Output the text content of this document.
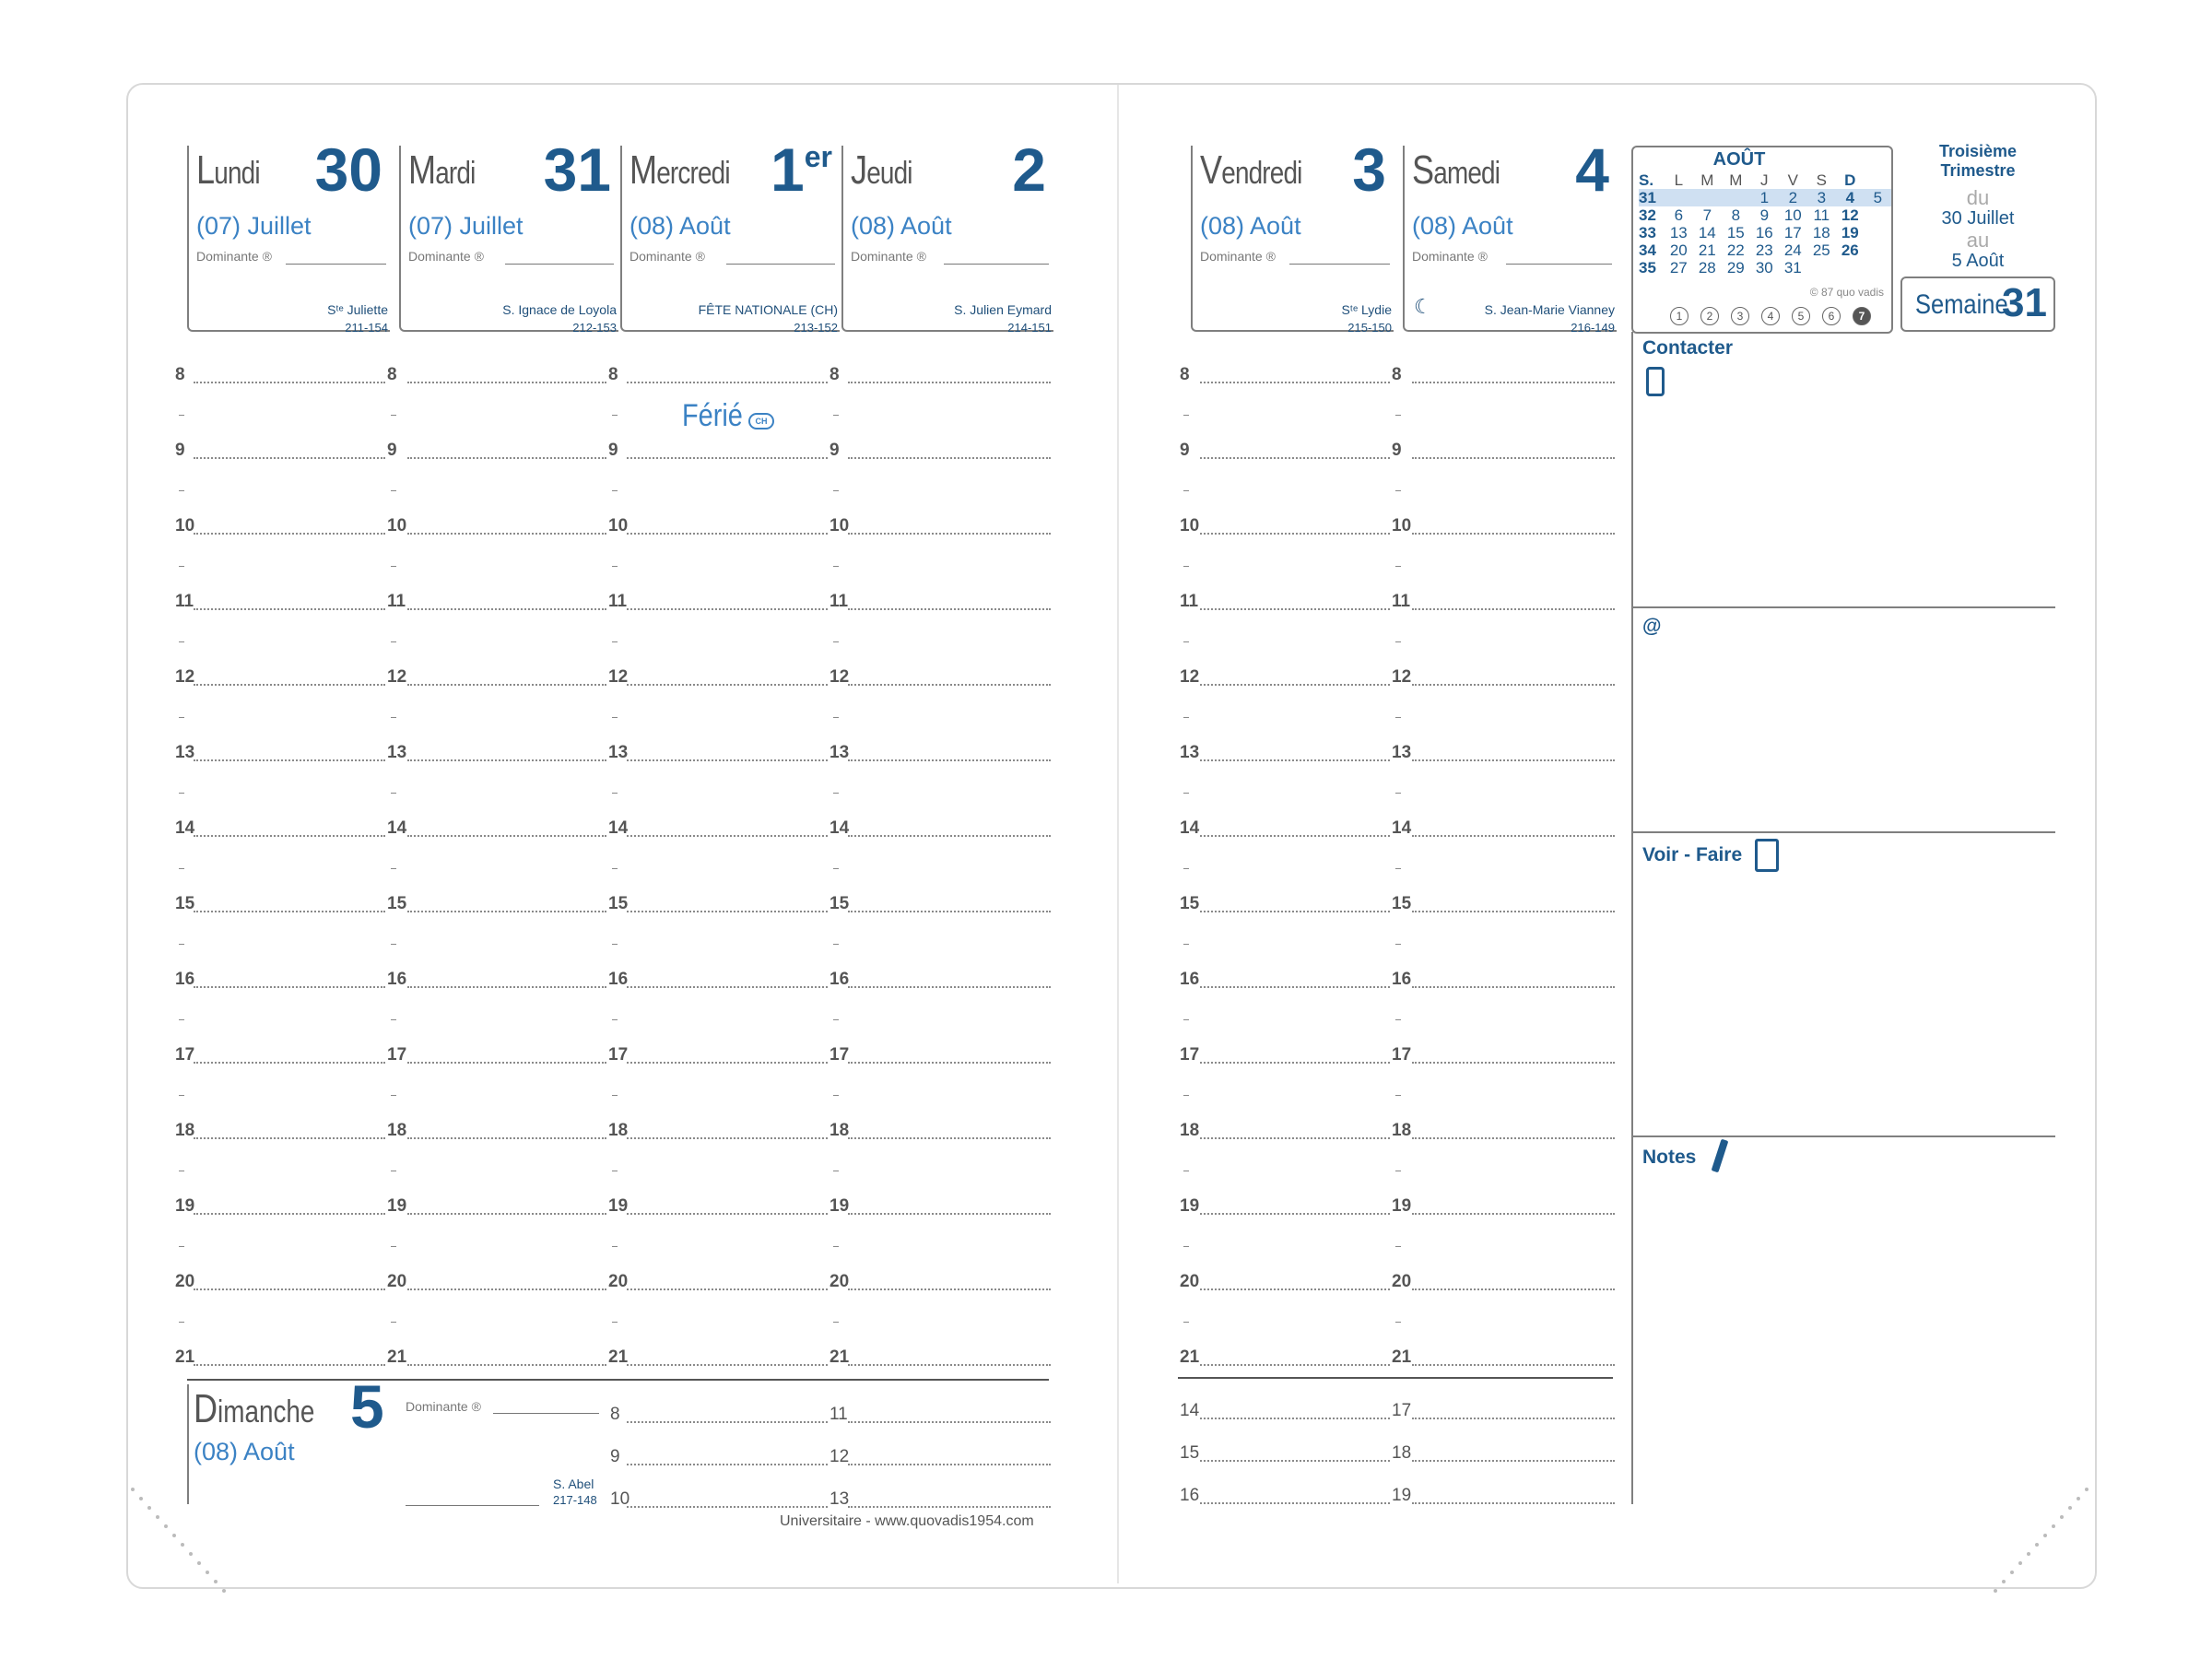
Lundi 30
(07) Juillet
Dominante ®
Sᵗᵉ Juliette
211-154
Mardi 31
(07) Juillet
Dominante ®
S. Ignace de Loyola
212-153
Mercredi 1er
(08) Août
Dominante ®
FÊTE NATIONALE (CH)
213-152
Jeudi 2
(08) Août
Dominante ®
S. Julien Eymard
214-151
Vendredi 3
(08) Août
Dominante ®
Sᵗᵉ Lydie
215-150
Samedi 4
(08) Août
Dominante ®
☾	S. Jean-Marie Vianney
216-149
Férié	CH
8	8	8	8	8	8
9	9	9	9	9	9
10	10	10	10	10	10
11	11	11	11	11	11
12	12	12	12	12	12
13	13	13	13	13	13
14	14	14	14	14	14
15	15	15	15	15	15
16	16	16	16	16	16
17	17	17	17	17	17
18	18	18	18	18	18
19	19	19	19	19	19
20	20	20	20	20	20
21	21	21	21	21	21
Dimanche 5
(08) Août
Dominante ®
S. Abel
217-148
8
9
10
11
12
13
Universitaire - www.quovadis1954.com
14
15
16
17
18
19
AOÛT
S.	L	M	M	J	V	S	D	
31				1	2	3	4	5
32	6	7	8	9	10	11	12	
33	13	14	15	16	17	18	19	
34	20	21	22	23	24	25	26	
35	27	28	29	30	31			
© 87 quo vadis
1 2 3 4 5 6 7
Troisième Trimestre
du
30 Juillet
au
5 Août
Semaine
31
Contacter
@
Voir - Faire
Notes
